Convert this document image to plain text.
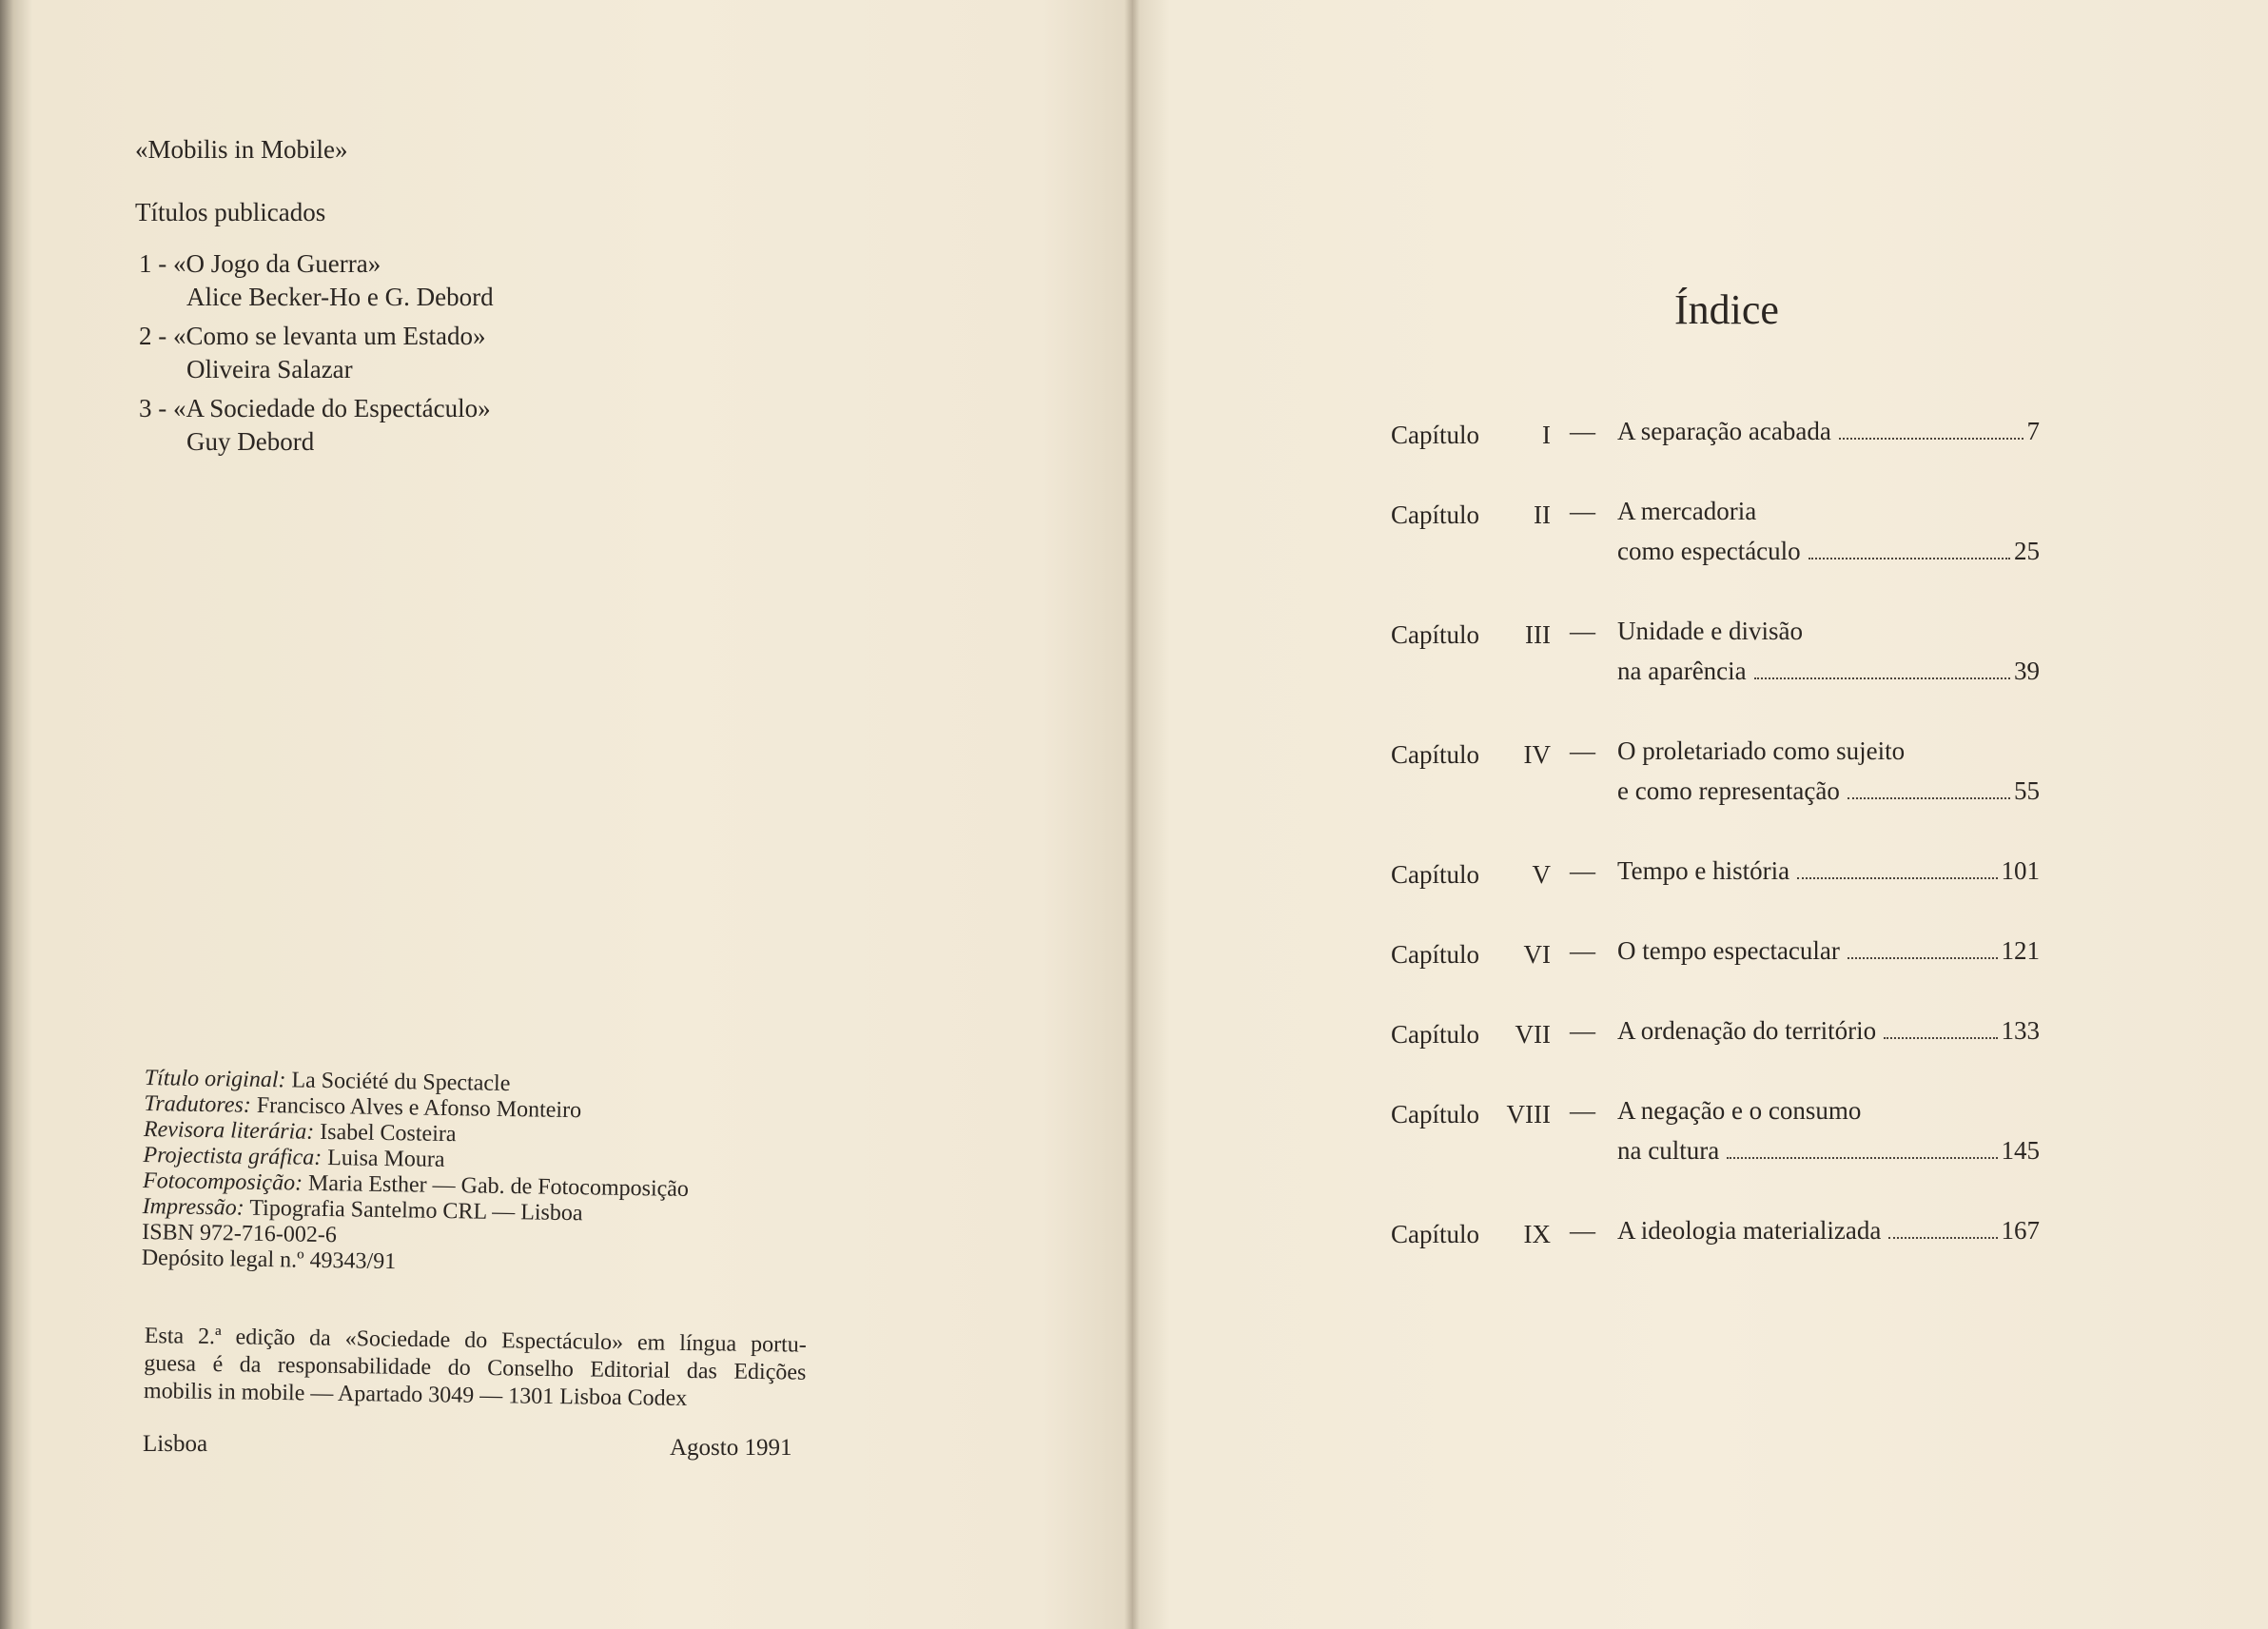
«Mobilis in Mobile»
Títulos publicados
1 - «O Jogo da Guerra»
Alice Becker-Ho e G. Debord
2 - «Como se levanta um Estado»
Oliveira Salazar
3 - «A Sociedade do Espectáculo»
Guy Debord
Título original: La Société du Spectacle
Tradutores: Francisco Alves e Afonso Monteiro
Revisora literária: Isabel Costeira
Projectista gráfica: Luisa Moura
Fotocomposição: Maria Esther — Gab. de Fotocomposição
Impressão: Tipografia Santelmo CRL — Lisboa
ISBN 972-716-002-6
Depósito legal n.º 49343/91
Esta 2.ª edição da «Sociedade do Espectáculo» em língua portu-
guesa é da responsabilidade do Conselho Editorial das Edições
mobilis in mobile — Apartado 3049 — 1301 Lisboa Codex
Lisboa	Agosto 1991
Índice
Capítulo	I — A separação acabada	7
Capítulo	II — A mercadoria
como espectáculo	25
Capítulo	III — Unidade e divisão
na aparência	39
Capítulo	IV — O proletariado como sujeito
e como representação	55
Capítulo	V — Tempo e história	101
Capítulo	VI — O tempo espectacular	121
Capítulo	VII — A ordenação do território	133
Capítulo	VIII — A negação e o consumo
na cultura	145
Capítulo	IX — A ideologia materializada	167
